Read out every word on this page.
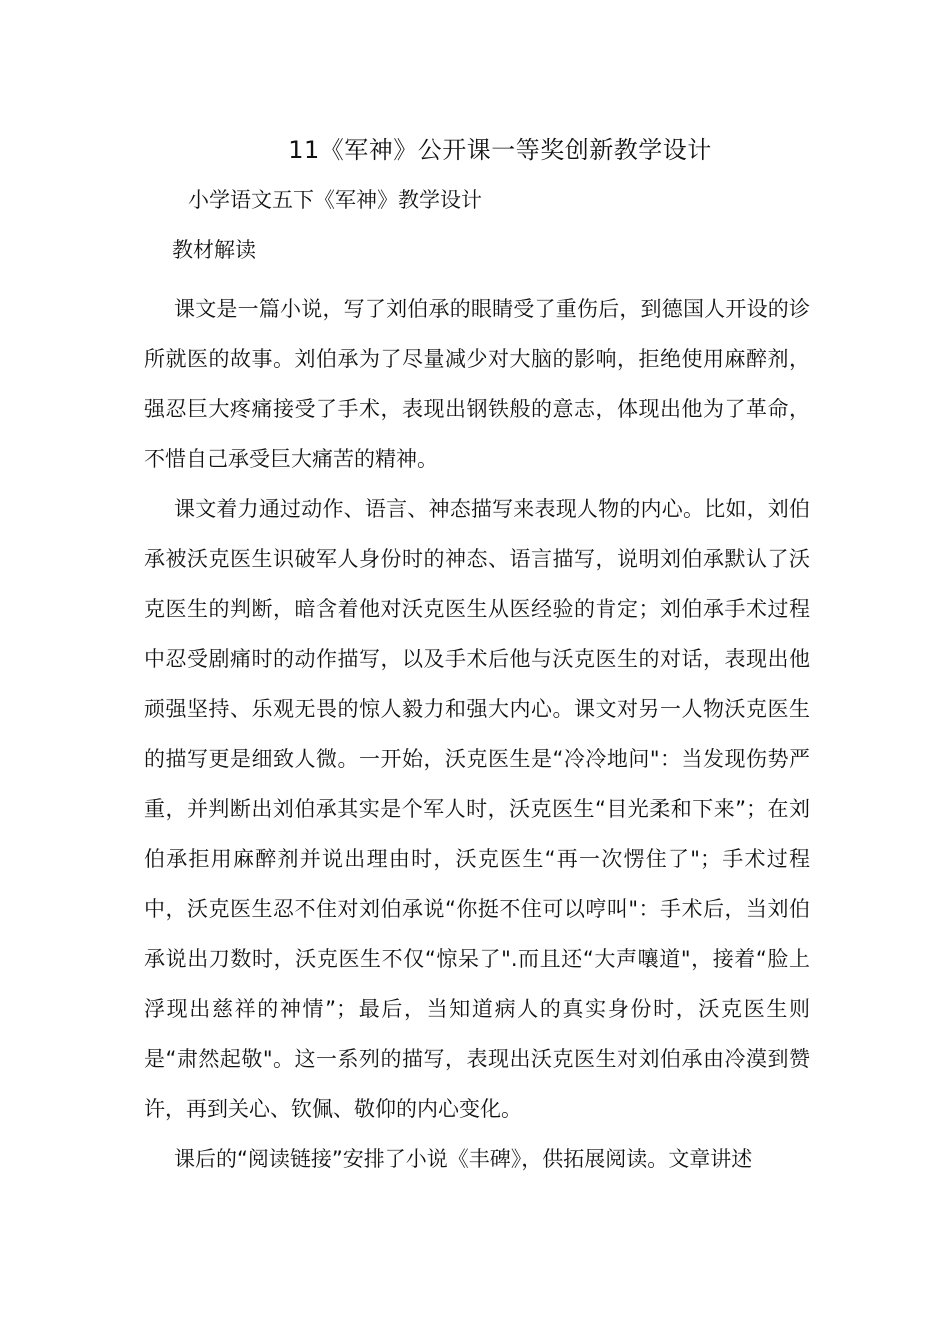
11《军神》公开课一等奖创新教学设计

小学语文五下《军神》教学设计

教材解读

课文是一篇小说，写了刘伯承的眼睛受了重伤后，到德国人开设的诊所就医的故事。刘伯承为了尽量减少对大脑的影响，拒绝使用麻醉剂，强忍巨大疼痛接受了手术，表现出钢铁般的意志，体现出他为了革命，不惜自己承受巨大痛苦的精神。

课文着力通过动作、语言、神态描写来表现人物的内心。比如，刘伯承被沃克医生识破军人身份时的神态、语言描写，说明刘伯承默认了沃克医生的判断，暗含着他对沃克医生从医经验的肯定；刘伯承手术过程中忍受剧痛时的动作描写，以及手术后他与沃克医生的对话，表现出他顽强坚持、乐观无畏的惊人毅力和强大内心。课文对另一人物沃克医生的描写更是细致人微。一开始，沃克医生是“冷冷地问"：当发现伤势严重，并判断出刘伯承其实是个军人时，沃克医生“目光柔和下来”；在刘伯承拒用麻醉剂并说出理由时，沃克医生“再一次愣住了"；手术过程中，沃克医生忍不住对刘伯承说“你挺不住可以哼叫"：手术后，当刘伯承说出刀数时，沃克医生不仅“惊呆了".而且还“大声嚷道"，接着“脸上浮现出慈祥的神情”；最后，当知道病人的真实身份时，沃克医生则是“肃然起敬"。这一系列的描写，表现出沃克医生对刘伯承由冷漠到赞许，再到关心、钦佩、敬仰的内心变化。

课后的“阅读链接”安排了小说《丰碑》，供拓展阅读。文章讲述
